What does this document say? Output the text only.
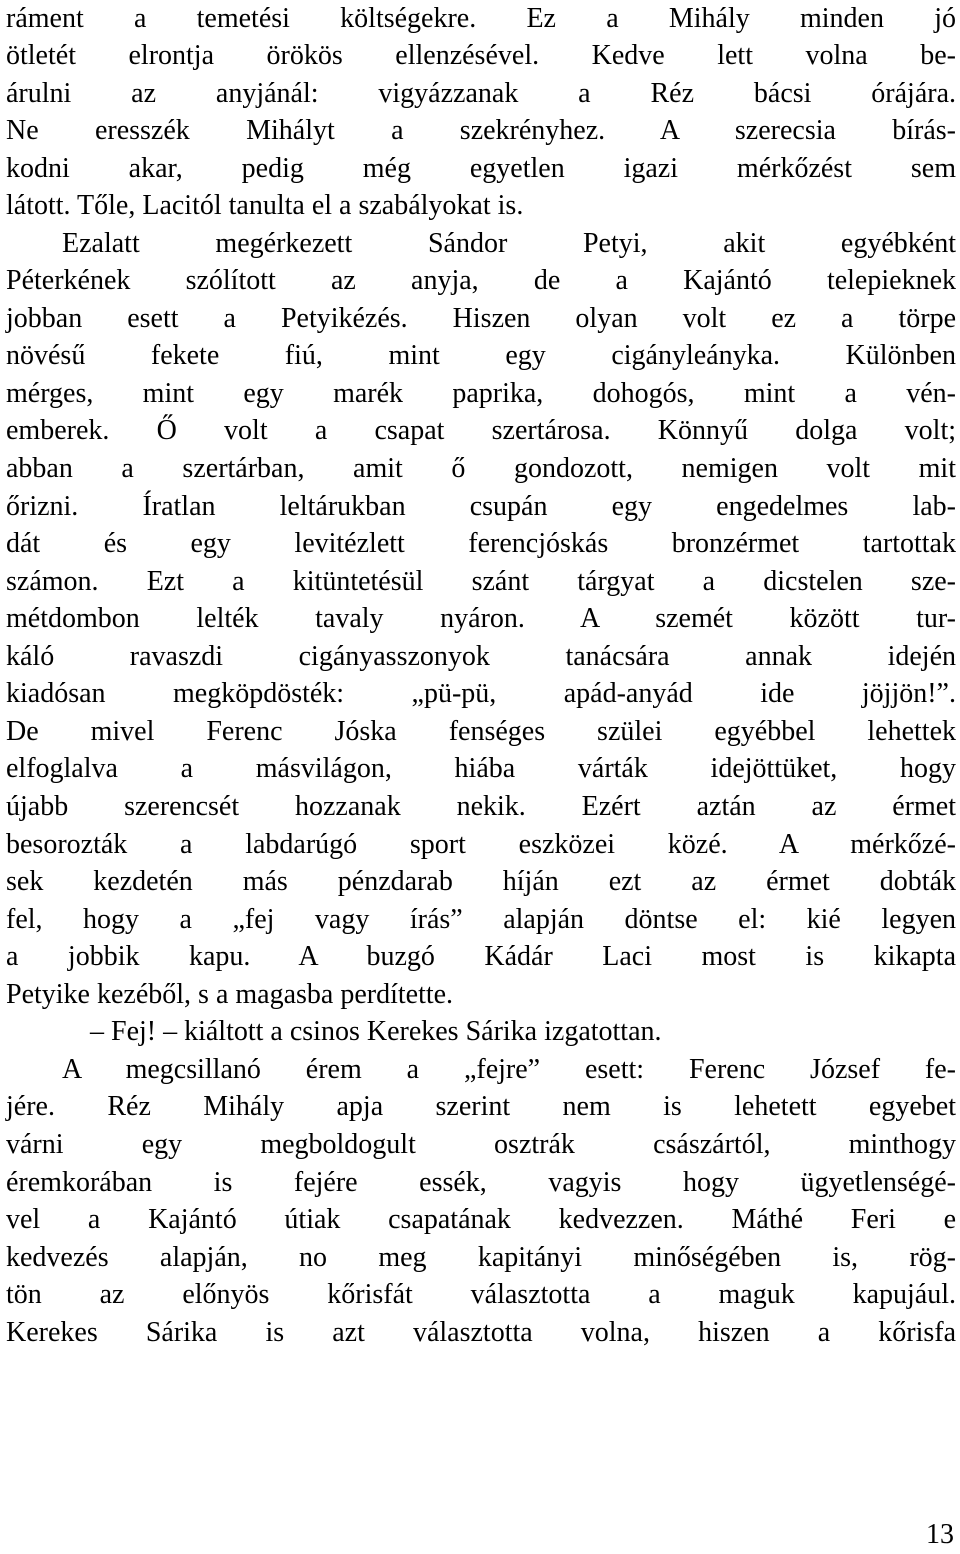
ráment a temetési költségekre. Ez a Mihály minden jó
ötletét elrontja örökös ellenzésével. Kedve lett volna be-
árulni az anyjánál: vigyázzanak a Réz bácsi órájára.
Ne eresszék Mihályt a szekrényhez. A szerecsia bírás-
kodni akar, pedig még egyetlen igazi mérkőzést sem
látott. Tőle, Lacitól tanulta el a szabályokat is.
Ezalatt megérkezett Sándor Petyi, akit egyébként
Péterkének szólított az anyja, de a Kajántó telepieknek
jobban esett a Petyikézés. Hiszen olyan volt ez a törpe
növésű fekete fiú, mint egy cigányleányka. Különben
mérges, mint egy marék paprika, dohogós, mint a vén-
emberek. Ő volt a csapat szertárosa. Könnyű dolga volt;
abban a szertárban, amit ő gondozott, nemigen volt mit
őrizni. Íratlan leltárukban csupán egy engedelmes lab-
dát és egy levitézlett ferencjóskás bronzérmet tartottak
számon. Ezt a kitüntetésül szánt tárgyat a dicstelen sze-
métdombon lelték tavaly nyáron. A szemét között tur-
káló ravaszdi cigányasszonyok tanácsára annak idején
kiadósan megköpdösték: „pü-pü, apád-anyád ide jöjjön!”.
De mivel Ferenc Jóska fenséges szülei egyébbel lehettek
elfoglalva a másvilágon, hiába várták idejöttüket, hogy
újabb szerencsét hozzanak nekik. Ezért aztán az érmet
besorozták a labdarúgó sport eszközei közé. A mérkőzé-
sek kezdetén más pénzdarab híján ezt az érmet dobták
fel, hogy a „fej vagy írás” alapján döntse el: kié legyen
a jobbik kapu. A buzgó Kádár Laci most is kikapta
Petyike kezéből, s a magasba perdítette.
– Fej! – kiáltott a csinos Kerekes Sárika izgatottan.
A megcsillanó érem a „fejre” esett: Ferenc József fe-
jére. Réz Mihály apja szerint nem is lehetett egyebet
várni egy megboldogult osztrák császártól, minthogy
éremkorában is fejére essék, vagyis hogy ügyetlenségé-
vel a Kajántó útiak csapatának kedvezzen. Máthé Feri e
kedvezés alapján, no meg kapitányi minőségében is, rög-
tön az előnyös kőrisfát választotta a maguk kapujául.
Kerekes Sárika is azt választotta volna, hiszen a kőrisfa
13
